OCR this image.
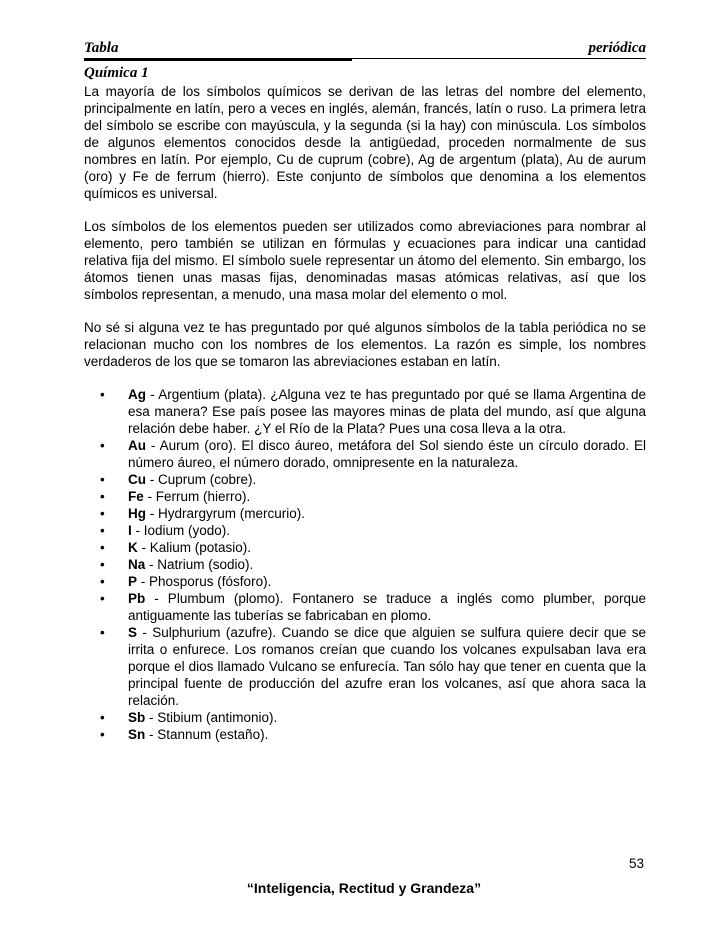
Tabla	periódica
Química 1

La mayoría de los símbolos químicos se derivan de las letras del nombre del elemento, principalmente en latín, pero a veces en inglés, alemán, francés, latín o ruso. La primera letra del símbolo se escribe con mayúscula, y la segunda (si la hay) con minúscula. Los símbolos de algunos elementos conocidos desde la antigüedad, proceden normalmente de sus nombres en latín. Por ejemplo, Cu de cuprum (cobre), Ag de argentum (plata), Au de aurum (oro) y Fe de ferrum (hierro). Este conjunto de símbolos que denomina a los elementos químicos es universal.

Los símbolos de los elementos pueden ser utilizados como abreviaciones para nombrar al elemento, pero también se utilizan en fórmulas y ecuaciones para indicar una cantidad relativa fija del mismo. El símbolo suele representar un átomo del elemento. Sin embargo, los átomos tienen unas masas fijas, denominadas masas atómicas relativas, así que los símbolos representan, a menudo, una masa molar del elemento o mol.

No sé si alguna vez te has preguntado por qué algunos símbolos de la tabla periódica no se relacionan mucho con los nombres de los elementos. La razón es simple, los nombres verdaderos de los que se tomaron las abreviaciones estaban en latín.

• Ag - Argentium (plata). ¿Alguna vez te has preguntado por qué se llama Argentina de esa manera? Ese país posee las mayores minas de plata del mundo, así que alguna relación debe haber. ¿Y el Río de la Plata? Pues una cosa lleva a la otra.
• Au - Aurum (oro). El disco áureo, metáfora del Sol siendo éste un círculo dorado. El número áureo, el número dorado, omnipresente en la naturaleza.
• Cu - Cuprum (cobre).
• Fe - Ferrum (hierro).
• Hg - Hydrargyrum (mercurio).
• I - Iodium (yodo).
• K - Kalium (potasio).
• Na - Natrium (sodio).
• P - Phosporus (fósforo).
• Pb - Plumbum (plomo). Fontanero se traduce a inglés como plumber, porque antiguamente las tuberías se fabricaban en plomo.
• S - Sulphurium (azufre). Cuando se dice que alguien se sulfura quiere decir que se irrita o enfurece. Los romanos creían que cuando los volcanes expulsaban lava era porque el dios llamado Vulcano se enfurecía. Tan sólo hay que tener en cuenta que la principal fuente de producción del azufre eran los volcanes, así que ahora saca la relación.
• Sb - Stibium (antimonio).
• Sn - Stannum (estaño).
53
“Inteligencia, Rectitud y Grandeza”
